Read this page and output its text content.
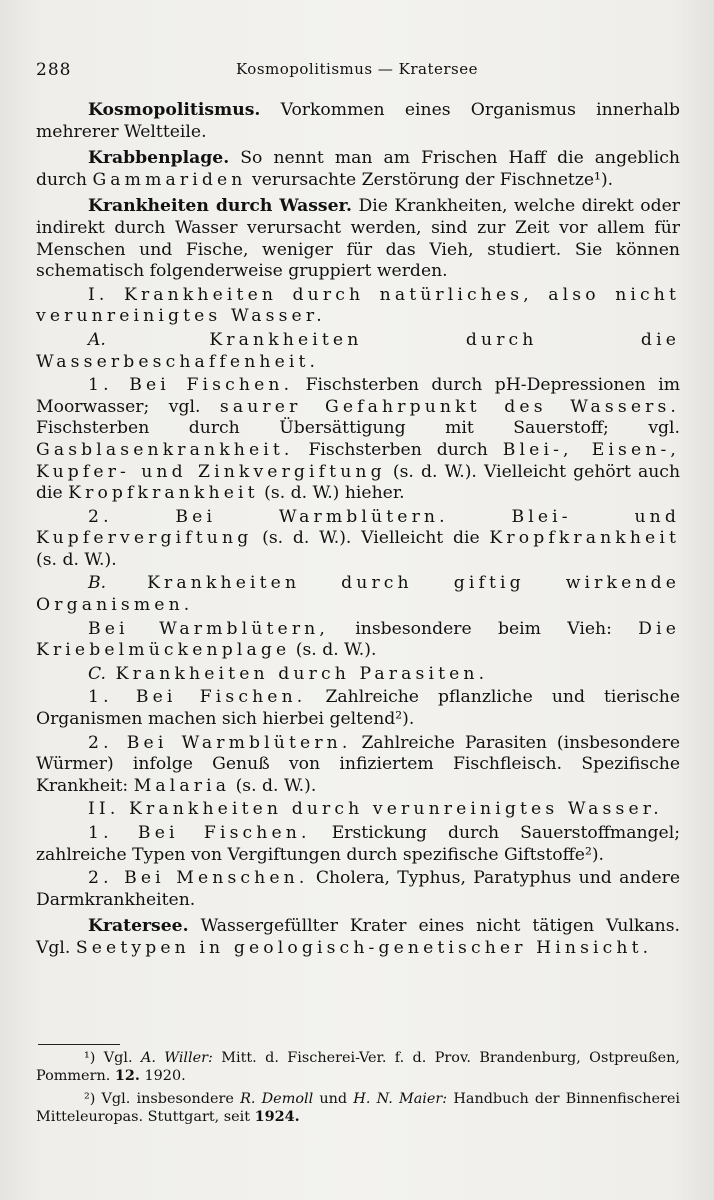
288	Kosmopolitismus — Kratersee

Kosmopolitismus. Vorkommen eines Organismus innerhalb mehrerer Weltteile.

Krabbenplage. So nennt man am Frischen Haff die angeblich durch Gammariden verursachte Zerstörung der Fischnetze¹).

Krankheiten durch Wasser. Die Krankheiten, welche direkt oder indirekt durch Wasser verursacht werden, sind zur Zeit vor allem für Menschen und Fische, weniger für das Vieh, studiert. Sie können schematisch folgenderweise gruppiert werden.

I. Krankheiten durch natürliches, also nicht verunreinigtes Wasser.

A. Krankheiten durch die Wasserbeschaffenheit.

1. Bei Fischen. Fischsterben durch pH-Depressionen im Moorwasser; vgl. saurer Gefahrpunkt des Wassers. Fischsterben durch Übersättigung mit Sauerstoff; vgl. Gasblasenkrankheit. Fischsterben durch Blei-, Eisen-, Kupfer- und Zinkvergiftung (s. d. W.). Vielleicht gehört auch die Kropfkrankheit (s. d. W.) hieher.

2. Bei Warmblütern. Blei- und Kupfervergiftung (s. d. W.). Vielleicht die Kropfkrankheit (s. d. W.).

B. Krankheiten durch giftig wirkende Organismen.

Bei Warmblütern, insbesondere beim Vieh: Die Kriebelmückenplage (s. d. W.).

C. Krankheiten durch Parasiten.

1. Bei Fischen. Zahlreiche pflanzliche und tierische Organismen machen sich hierbei geltend²).

2. Bei Warmblütern. Zahlreiche Parasiten (insbesondere Würmer) infolge Genuß von infiziertem Fischfleisch. Spezifische Krankheit: Malaria (s. d. W.).

II. Krankheiten durch verunreinigtes Wasser.

1. Bei Fischen. Erstickung durch Sauerstoffmangel; zahlreiche Typen von Vergiftungen durch spezifische Giftstoffe²).

2. Bei Menschen. Cholera, Typhus, Paratyphus und andere Darmkrankheiten.

Kratersee. Wassergefüllter Krater eines nicht tätigen Vulkans. Vgl. Seetypen in geologisch-genetischer Hinsicht.

¹) Vgl. A. Willer: Mitt. d. Fischerei-Ver. f. d. Prov. Brandenburg, Ostpreußen, Pommern. 12. 1920.

²) Vgl. insbesondere R. Demoll und H. N. Maier: Handbuch der Binnenfischerei Mitteleuropas. Stuttgart, seit 1924.
